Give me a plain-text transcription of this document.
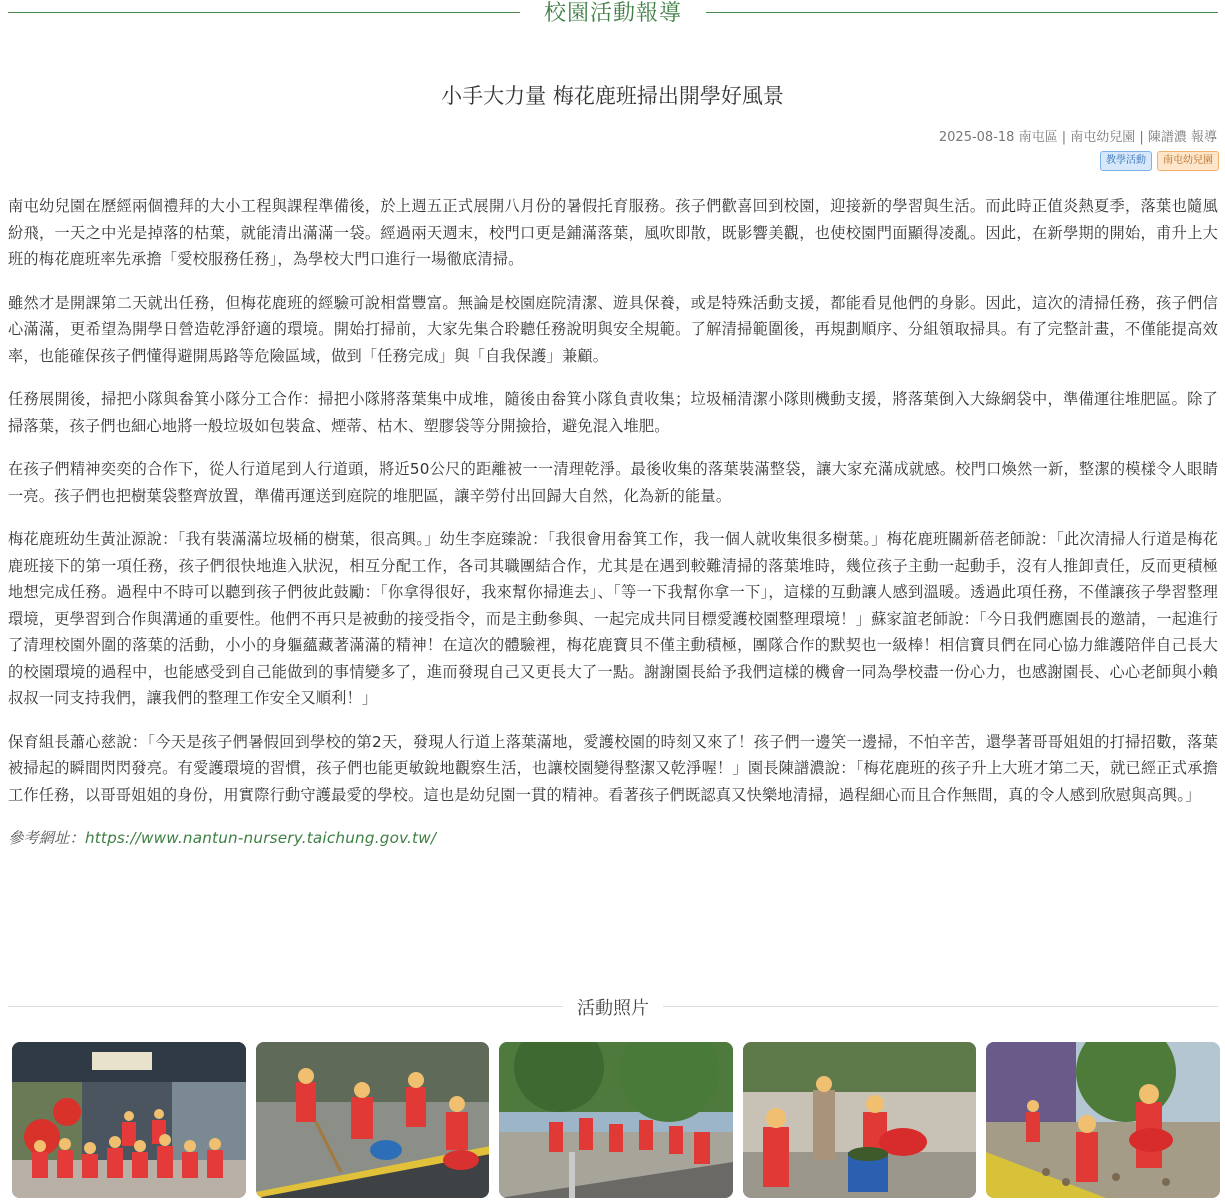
校園活動報導
小手大力量 梅花鹿班掃出開學好風景
2025-08-18 南屯區 | 南屯幼兒園 | 陳譜濃 報導
教學活動	南屯幼兒園

南屯幼兒園在歷經兩個禮拜的大小工程與課程準備後，於上週五正式展開八月份的暑假托育服務。孩子們歡喜回到校園，迎接新的學習與生活。而此時正值炎熱夏季，落葉也隨風紛飛，一天之中光是掉落的枯葉，就能清出滿滿一袋。經過兩天週末，校門口更是鋪滿落葉，風吹即散，既影響美觀，也使校園門面顯得凌亂。因此，在新學期的開始，甫升上大班的梅花鹿班率先承擔「愛校服務任務」，為學校大門口進行一場徹底清掃。

雖然才是開課第二天就出任務，但梅花鹿班的經驗可說相當豐富。無論是校園庭院清潔、遊具保養，或是特殊活動支援，都能看見他們的身影。因此，這次的清掃任務，孩子們信心滿滿，更希望為開學日營造乾淨舒適的環境。開始打掃前，大家先集合聆聽任務說明與安全規範。了解清掃範圍後，再規劃順序、分組領取掃具。有了完整計畫，不僅能提高效率，也能確保孩子們懂得避開馬路等危險區域，做到「任務完成」與「自我保護」兼顧。

任務展開後，掃把小隊與畚箕小隊分工合作：掃把小隊將落葉集中成堆，隨後由畚箕小隊負責收集；垃圾桶清潔小隊則機動支援，將落葉倒入大綠網袋中，準備運往堆肥區。除了掃落葉，孩子們也細心地將一般垃圾如包裝盒、煙蒂、枯木、塑膠袋等分開撿拾，避免混入堆肥。

在孩子們精神奕奕的合作下，從人行道尾到人行道頭，將近50公尺的距離被一一清理乾淨。最後收集的落葉裝滿整袋，讓大家充滿成就感。校門口煥然一新，整潔的模樣令人眼睛一亮。孩子們也把樹葉袋整齊放置，準備再運送到庭院的堆肥區，讓辛勞付出回歸大自然，化為新的能量。

梅花鹿班幼生黃沚源說：「我有裝滿滿垃圾桶的樹葉，很高興。」幼生李庭臻說：「我很會用畚箕工作，我一個人就收集很多樹葉。」梅花鹿班關新蓓老師說：「此次清掃人行道是梅花鹿班接下的第一項任務，孩子們很快地進入狀況，相互分配工作，各司其職團結合作，尤其是在遇到較難清掃的落葉堆時，幾位孩子主動一起動手，沒有人推卸責任，反而更積極地想完成任務。過程中不時可以聽到孩子們彼此鼓勵：「你拿得很好，我來幫你掃進去」、「等一下我幫你拿一下」，這樣的互動讓人感到溫暖。透過此項任務，不僅讓孩子學習整理環境，更學習到合作與溝通的重要性。他們不再只是被動的接受指令，而是主動參與、一起完成共同目標愛護校園整理環境！」蘇家誼老師說：「今日我們應園長的邀請，一起進行了清理校園外圍的落葉的活動，小小的身軀蘊藏著滿滿的精神！在這次的體驗裡，梅花鹿寶貝不僅主動積極，團隊合作的默契也一級棒！相信寶貝們在同心協力維護陪伴自己長大的校園環境的過程中，也能感受到自己能做到的事情變多了，進而發現自己又更長大了一點。謝謝園長給予我們這樣的機會一同為學校盡一份心力，也感謝園長、心心老師與小賴叔叔一同支持我們，讓我們的整理工作安全又順利！」

保育組長蕭心慈說：「今天是孩子們暑假回到學校的第2天，發現人行道上落葉滿地，愛護校園的時刻又來了！孩子們一邊笑一邊掃，不怕辛苦，還學著哥哥姐姐的打掃招數，落葉被掃起的瞬間閃閃發亮。有愛護環境的習慣，孩子們也能更敏銳地觀察生活，也讓校園變得整潔又乾淨喔！」園長陳譜濃說：「梅花鹿班的孩子升上大班才第二天，就已經正式承擔工作任務，以哥哥姐姐的身份，用實際行動守護最愛的學校。這也是幼兒園一貫的精神。看著孩子們既認真又快樂地清掃，過程細心而且合作無間，真的令人感到欣慰與高興。」

參考網址：https://www.nantun-nursery.taichung.gov.tw/

活動照片
